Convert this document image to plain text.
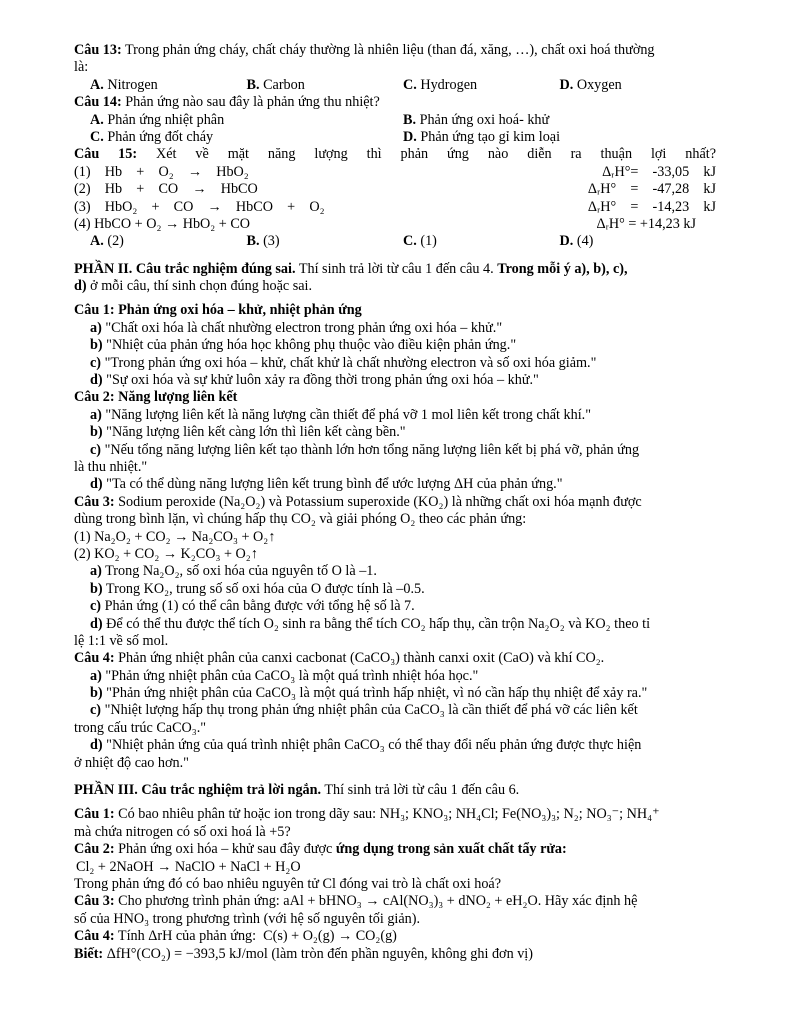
Câu 13: Trong phản ứng cháy, chất cháy thường là nhiên liệu (than đá, xăng, …), chất oxi hoá thường
là:
A. Nitrogen	B. Carbon	C. Hydrogen	D. Oxygen
Câu 14: Phản ứng nào sau đây là phản ứng thu nhiệt?
A. Phản ứng nhiệt phân	B. Phản ứng oxi hoá- khử
C. Phản ứng đốt cháy	D. Phản ứng tạo gỉ kim loại
Câu 15: Xét về mặt năng lượng thì phản ứng nào diễn ra thuận lợi nhất?
(1)    Hb    +    O₂    →    HbO₂	ΔᵣH°=    -33,05    kJ
(2)    Hb    +    CO    →    HbCO	ΔᵣH°    =    -47,28    kJ
(3)    HbO₂    +    CO    →    HbCO    +    O₂	ΔᵣH°    =    -14,23    kJ
(4) HbCO + O₂ → HbO₂ + CO	ΔᵣH° = +14,23 kJ
A. (2)	B. (3)	C. (1)	D. (4)
PHẦN II. Câu trắc nghiệm đúng sai. Thí sinh trả lời từ câu 1 đến câu 4. Trong mỗi ý a), b), c),
d) ở mỗi câu, thí sinh chọn đúng hoặc sai.
Câu 1: Phản ứng oxi hóa – khử, nhiệt phản ứng
a) "Chất oxi hóa là chất nhường electron trong phản ứng oxi hóa – khử."
b) "Nhiệt của phản ứng hóa học không phụ thuộc vào điều kiện phản ứng."
c) "Trong phản ứng oxi hóa – khử, chất khử là chất nhường electron và số oxi hóa giảm."
d) "Sự oxi hóa và sự khử luôn xảy ra đồng thời trong phản ứng oxi hóa – khử."
Câu 2: Năng lượng liên kết
a) "Năng lượng liên kết là năng lượng cần thiết để phá vỡ 1 mol liên kết trong chất khí."
b) "Năng lượng liên kết càng lớn thì liên kết càng bền."
c) "Nếu tổng năng lượng liên kết tạo thành lớn hơn tổng năng lượng liên kết bị phá vỡ, phản ứng
là thu nhiệt."
d) "Ta có thể dùng năng lượng liên kết trung bình để ước lượng ΔH của phản ứng."
Câu 3: Sodium peroxide (Na₂O₂) và Potassium superoxide (KO₂) là những chất oxi hóa mạnh được
dùng trong bình lặn, vì chúng hấp thụ CO₂ và giải phóng O₂ theo các phản ứng:
(1) Na₂O₂ + CO₂ → Na₂CO₃ + O₂↑
(2) KO₂ + CO₂ → K₂CO₃ + O₂↑
a) Trong Na₂O₂, số oxi hóa của nguyên tố O là –1.
b) Trong KO₂, trung số số oxi hóa của O được tính là –0.5.
c) Phản ứng (1) có thể cân bằng được với tổng hệ số là 7.
d) Để có thể thu được thể tích O₂ sinh ra bằng thể tích CO₂ hấp thụ, cần trộn Na₂O₂ và KO₂ theo tỉ
lệ 1:1 về số mol.
Câu 4: Phản ứng nhiệt phân của canxi cacbonat (CaCO₃) thành canxi oxit (CaO) và khí CO₂.
a) "Phản ứng nhiệt phân của CaCO₃ là một quá trình nhiệt hóa học."
b) "Phản ứng nhiệt phân của CaCO₃ là một quá trình hấp nhiệt, vì nó cần hấp thụ nhiệt để xảy ra."
c) "Nhiệt lượng hấp thụ trong phản ứng nhiệt phân của CaCO₃ là cần thiết để phá vỡ các liên kết
trong cấu trúc CaCO₃."
d) "Nhiệt phản ứng của quá trình nhiệt phân CaCO₃ có thể thay đổi nếu phản ứng được thực hiện
ở nhiệt độ cao hơn."
PHẦN III. Câu trắc nghiệm trả lời ngắn. Thí sinh trả lời từ câu 1 đến câu 6.
Câu 1: Có bao nhiêu phân tử hoặc ion trong dãy sau: NH₃; KNO₃; NH₄Cl; Fe(NO₃)₃; N₂; NO₃⁻; NH₄⁺
mà chứa nitrogen có số oxi hoá là +5?
Câu 2: Phản ứng oxi hóa – khử sau đây được ứng dụng trong sản xuất chất tẩy rửa:
Cl₂ + 2NaOH → NaClO + NaCl + H₂O
Trong phản ứng đó có bao nhiêu nguyên tử Cl đóng vai trò là chất oxi hoá?
Câu 3: Cho phương trình phản ứng: aAl + bHNO₃ → cAl(NO₃)₃ + dNO₂ + eH₂O. Hãy xác định hệ
số của HNO₃ trong phương trình (với hệ số nguyên tối giản).
Câu 4: Tính ΔrH của phản ứng:  C(s) + O₂(g) → CO₂(g)
Biết: ΔfH°(CO₂) = −393,5 kJ/mol (làm tròn đến phần nguyên, không ghi đơn vị)
